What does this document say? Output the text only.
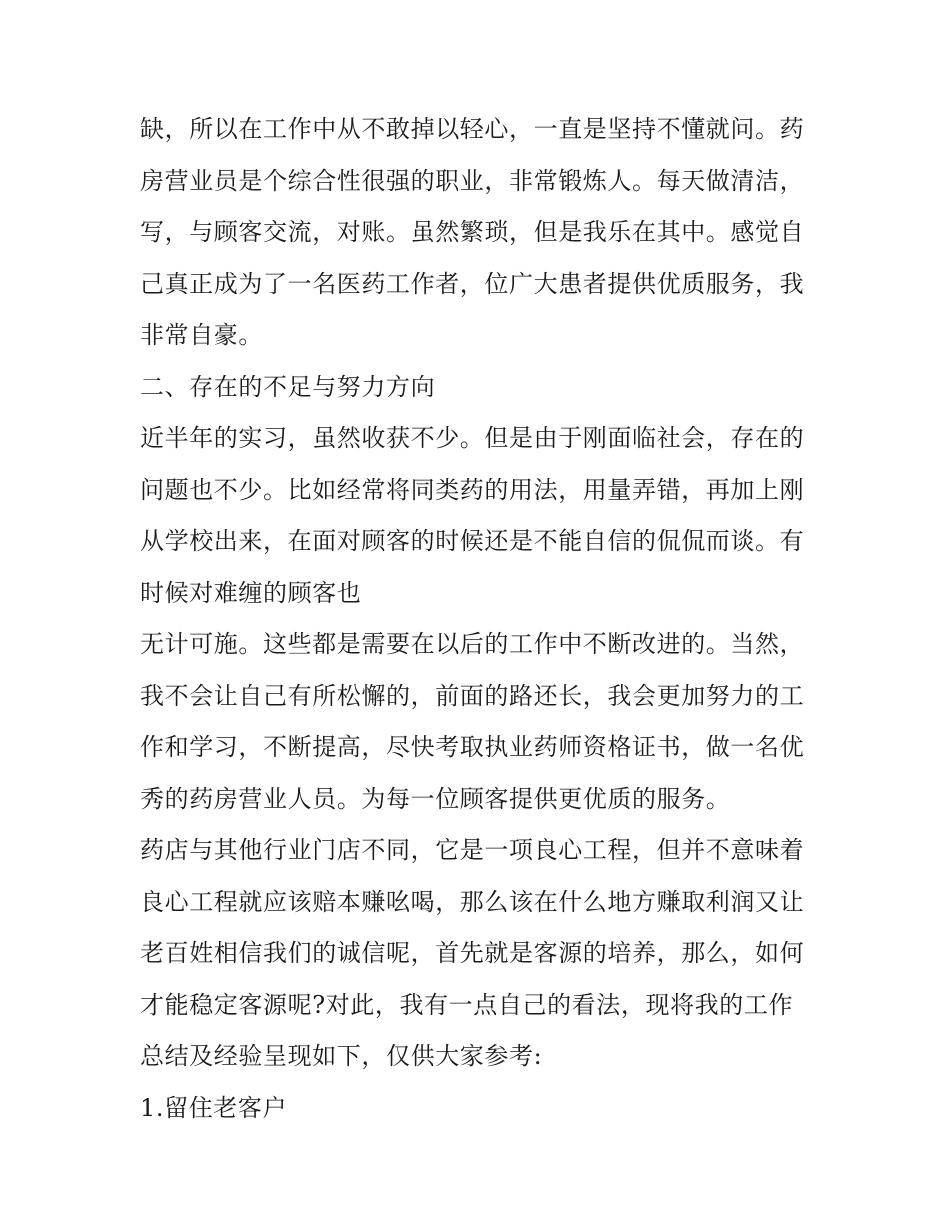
缺，所以在工作中从不敢掉以轻心，一直是坚持不懂就问。药
房营业员是个综合性很强的职业，非常锻炼人。每天做清洁，
写，与顾客交流，对账。虽然繁琐，但是我乐在其中。感觉自
己真正成为了一名医药工作者，位广大患者提供优质服务，我
非常自豪。
二、存在的不足与努力方向
近半年的实习，虽然收获不少。但是由于刚面临社会，存在的
问题也不少。比如经常将同类药的用法，用量弄错，再加上刚
从学校出来，在面对顾客的时候还是不能自信的侃侃而谈。有
时候对难缠的顾客也
无计可施。这些都是需要在以后的工作中不断改进的。当然，
我不会让自己有所松懈的，前面的路还长，我会更加努力的工
作和学习，不断提高，尽快考取执业药师资格证书，做一名优
秀的药房营业人员。为每一位顾客提供更优质的服务。
药店与其他行业门店不同，它是一项良心工程，但并不意味着
良心工程就应该赔本赚吆喝，那么该在什么地方赚取利润又让
老百姓相信我们的诚信呢，首先就是客源的培养，那么，如何
才能稳定客源呢?对此，我有一点自己的看法，现将我的工作
总结及经验呈现如下，仅供大家参考:
1.留住老客户
